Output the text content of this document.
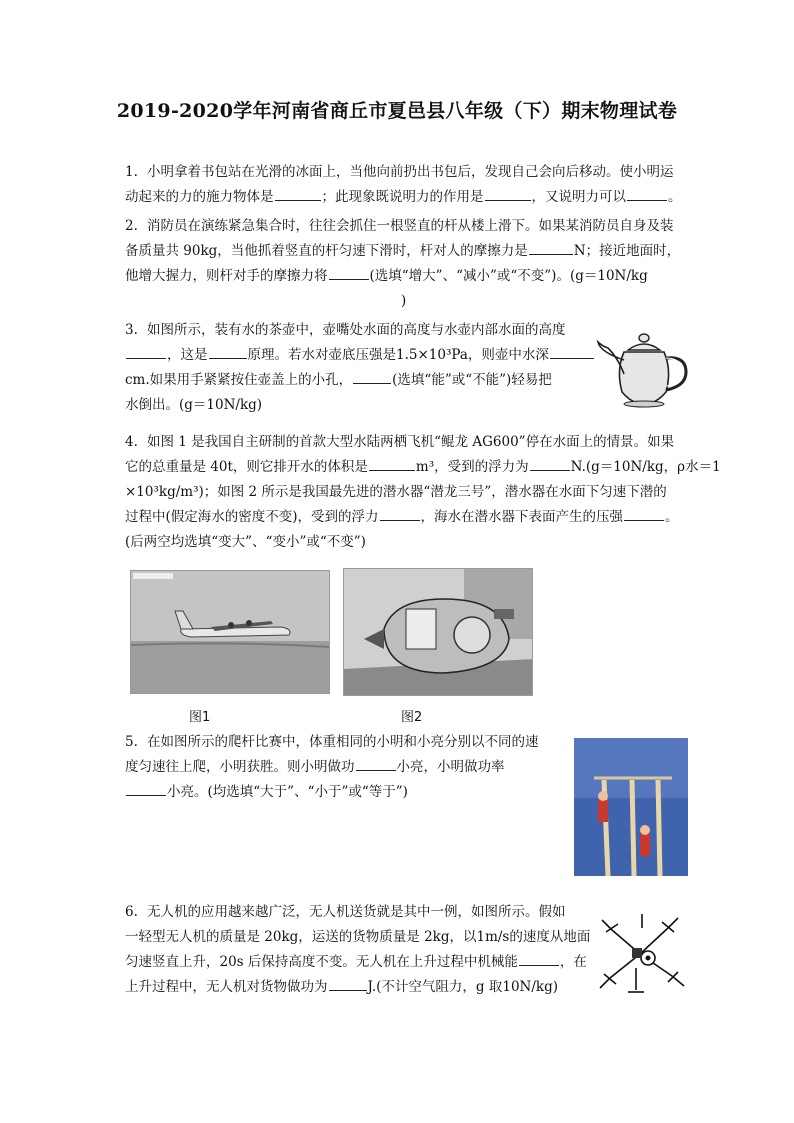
2019-2020学年河南省商丘市夏邑县八年级（下）期末物理试卷
1. 小明拿着书包站在光滑的冰面上，当他向前扔出书包后，发现自己会向后移动。使小明运
动起来的力的施力物体是	；此现象既说明力的作用是	，又说明力可以	。
2. 消防员在演练紧急集合时，往往会抓住一根竖直的杆从楼上滑下。如果某消防员自身及装
备质量共 90kg，当他抓着竖直的杆匀速下滑时，杆对人的摩擦力是	N；接近地面时，
他增大握力，则杆对手的摩擦力将	(选填“增大”、“减小”或“不变”)。(g＝10N/kg
)
3. 如图所示，装有水的茶壶中，壶嘴处水面的高度与水壶内部水面的高度
，这是	原理。若水对壶底压强是1.5×10³Pa，则壶中水深
cm.如果用手紧紧按住壶盖上的小孔，	(选填“能”或“不能”)轻易把
水倒出。(g＝10N/kg)
4. 如图 1 是我国自主研制的首款大型水陆两栖飞机“鲲龙 AG600”停在水面上的情景。如果
它的总重量是 40t，则它排开水的体积是	m³，受到的浮力为	N.(g＝10N/kg，ρ水＝1
×10³kg/m³)；如图 2 所示是我国最先进的潜水器“潜龙三号”，潜水器在水面下匀速下潜的
过程中(假定海水的密度不变)，受到的浮力	，海水在潜水器下表面产生的压强	。
(后两空均选填“变大”、“变小”或“不变”)
图1	图2
5. 在如图所示的爬杆比赛中，体重相同的小明和小亮分别以不同的速
度匀速往上爬，小明获胜。则小明做功	小亮，小明做功率
小亮。(均选填“大于”、“小于”或“等于”)
6. 无人机的应用越来越广泛，无人机送货就是其中一例，如图所示。假如
一轻型无人机的质量是 20kg，运送的货物质量是 2kg，以1m/s的速度从地面
匀速竖直上升，20s 后保持高度不变。无人机在上升过程中机械能	，在
上升过程中，无人机对货物做功为	J.(不计空气阻力，g 取10N/kg)
